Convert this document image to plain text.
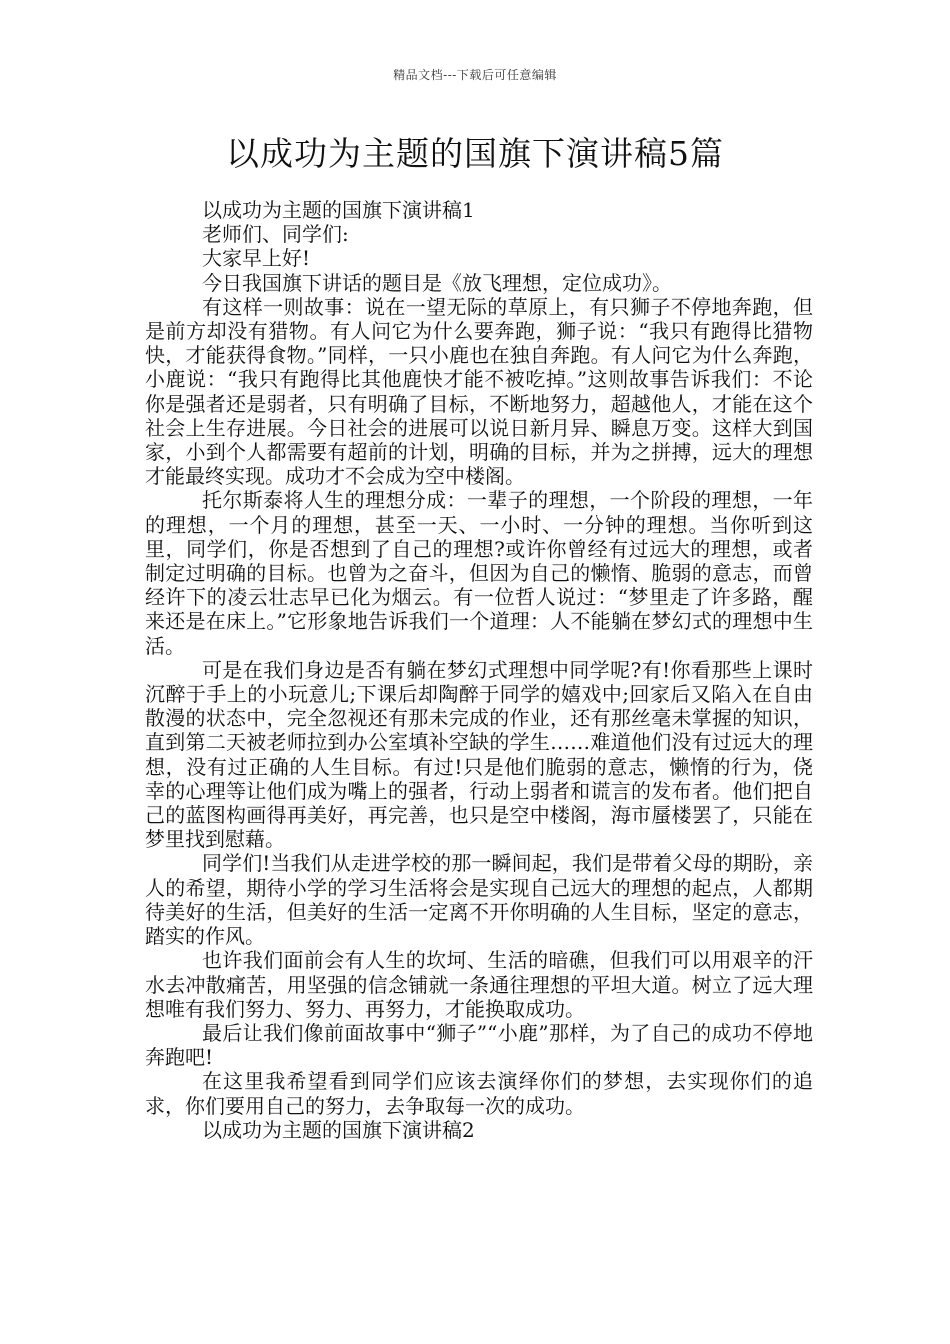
精品文档---下载后可任意编辑
以成功为主题的国旗下演讲稿5篇

以成功为主题的国旗下演讲稿1

老师们、同学们:

大家早上好!

今日我国旗下讲话的题目是《放飞理想，定位成功》。

有这样一则故事：说在一望无际的草原上，有只狮子不停地奔跑，但是前方却没有猎物。有人问它为什么要奔跑，狮子说：“我只有跑得比猎物快，才能获得食物。”同样，一只小鹿也在独自奔跑。有人问它为什么奔跑，小鹿说：“我只有跑得比其他鹿快才能不被吃掉。”这则故事告诉我们：不论你是强者还是弱者，只有明确了目标，不断地努力，超越他人，才能在这个社会上生存进展。今日社会的进展可以说日新月异、瞬息万变。这样大到国家，小到个人都需要有超前的计划，明确的目标，并为之拼搏，远大的理想才能最终实现。成功才不会成为空中楼阁。

托尔斯泰将人生的理想分成：一辈子的理想，一个阶段的理想，一年的理想，一个月的理想，甚至一天、一小时、一分钟的理想。当你听到这里，同学们，你是否想到了自己的理想?或许你曾经有过远大的理想，或者制定过明确的目标。也曾为之奋斗，但因为自己的懒惰、脆弱的意志，而曾经许下的凌云壮志早已化为烟云。有一位哲人说过：“梦里走了许多路，醒来还是在床上。”它形象地告诉我们一个道理：人不能躺在梦幻式的理想中生活。

可是在我们身边是否有躺在梦幻式理想中同学呢?有!你看那些上课时沉醉于手上的小玩意儿;下课后却陶醉于同学的嬉戏中;回家后又陷入在自由散漫的状态中，完全忽视还有那未完成的作业，还有那丝毫未掌握的知识，直到第二天被老师拉到办公室填补空缺的学生……难道他们没有过远大的理想，没有过正确的人生目标。有过!只是他们脆弱的意志，懒惰的行为，侥幸的心理等让他们成为嘴上的强者，行动上弱者和谎言的发布者。他们把自己的蓝图构画得再美好，再完善，也只是空中楼阁，海市蜃楼罢了，只能在梦里找到慰藉。

同学们!当我们从走进学校的那一瞬间起，我们是带着父母的期盼，亲人的希望，期待小学的学习生活将会是实现自己远大的理想的起点，人都期待美好的生活，但美好的生活一定离不开你明确的人生目标，坚定的意志，踏实的作风。

也许我们面前会有人生的坎坷、生活的暗礁，但我们可以用艰辛的汗水去冲散痛苦，用坚强的信念铺就一条通往理想的平坦大道。树立了远大理想唯有我们努力、努力、再努力，才能换取成功。

最后让我们像前面故事中“狮子”“小鹿”那样，为了自己的成功不停地奔跑吧!

在这里我希望看到同学们应该去演绎你们的梦想，去实现你们的追求，你们要用自己的努力，去争取每一次的成功。

以成功为主题的国旗下演讲稿2
